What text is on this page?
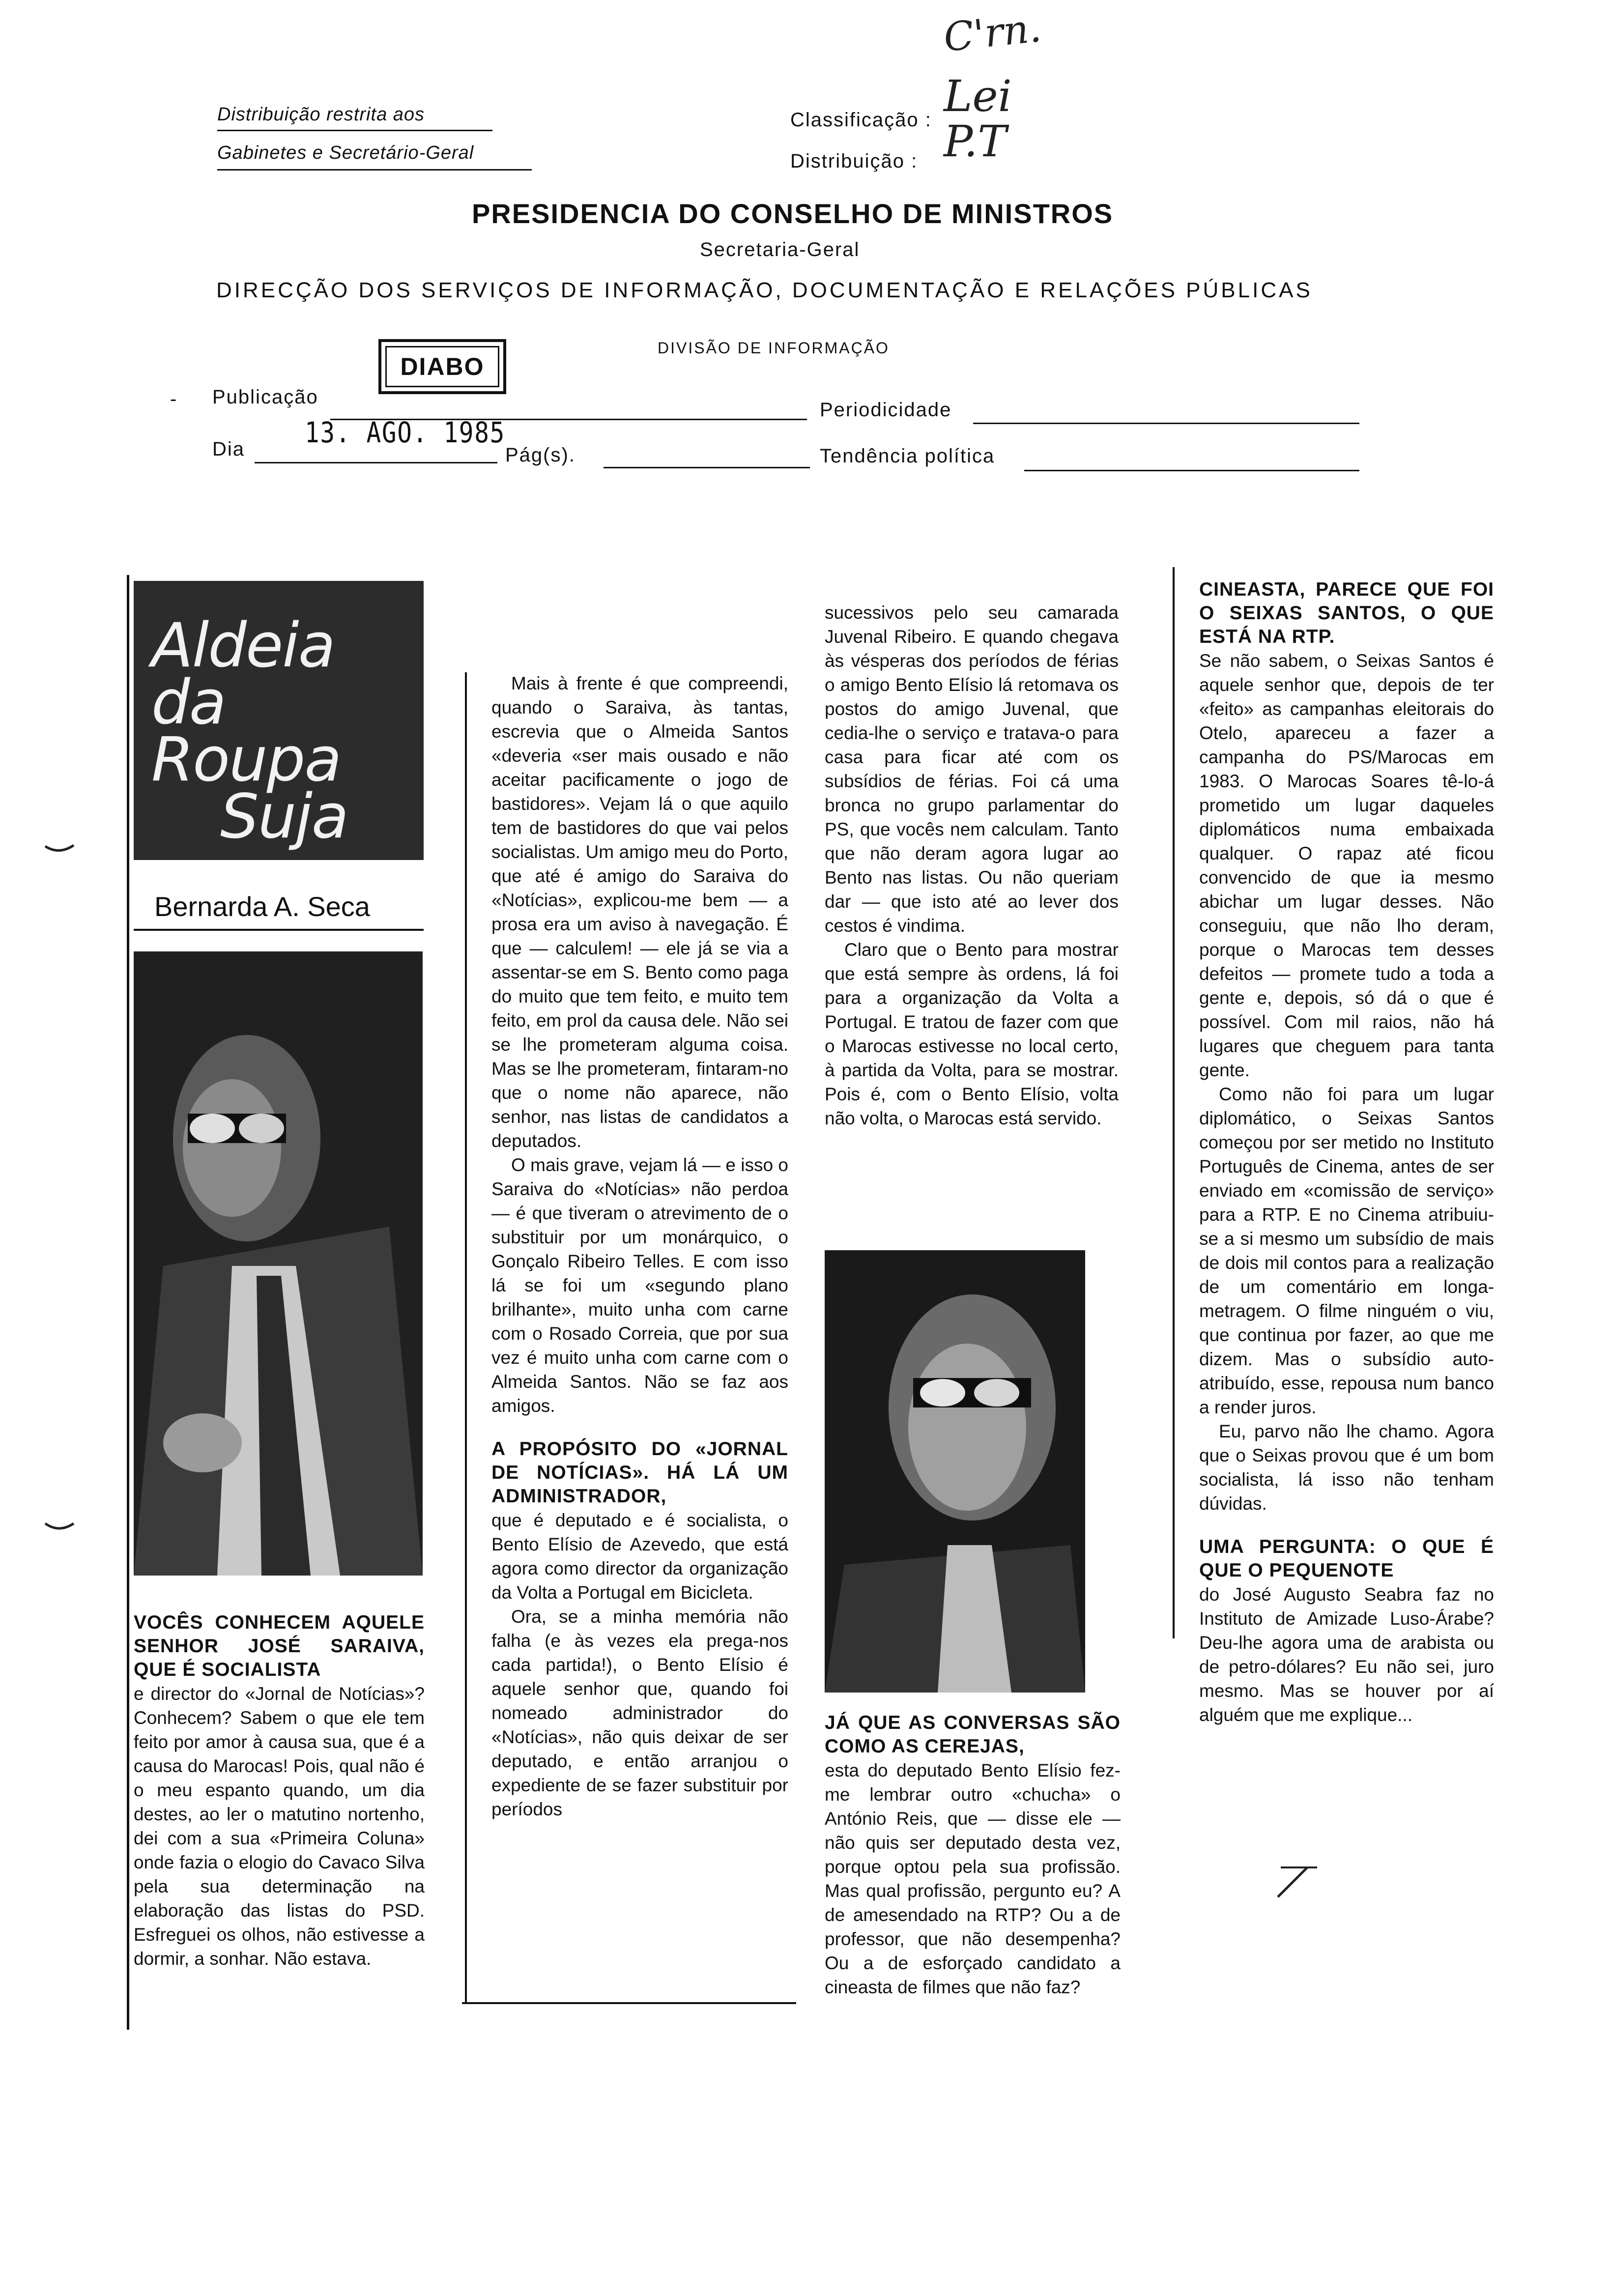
Distribuição restrita aos
Gabinetes e Secretário-Geral
Classificação :
Distribuição :
C'rn.
Lei P.T
PRESIDENCIA DO CONSELHO DE MINISTROS
Secretaria-Geral
DIRECÇÃO DOS SERVIÇOS DE INFORMAÇÃO, DOCUMENTAÇÃO E RELAÇÕES PÚBLICAS
DIVISÃO DE INFORMAÇÃO
DIABO
- Publicação
Periodicidade
13. AGO. 1985
Dia	Pág(s).	Tendência política
Aldeia
da Roupa
Suja
Bernarda A. Seca
VOCÊS CONHECEM AQUELE SENHOR JOSÉ SARAIVA, QUE É SOCIALISTA
e director do «Jornal de Notícias»? Conhecem? Sabem o que ele tem feito por amor à causa sua, que é a causa do Marocas! Pois, qual não é o meu espanto quando, um dia destes, ao ler o matutino nortenho, dei com a sua «Primeira Coluna» onde fazia o elogio do Cavaco Silva pela sua determinação na elaboração das listas do PSD. Esfreguei os olhos, não estivesse a dormir, a sonhar. Não estava.

Mais à frente é que compreendi, quando o Saraiva, às tantas, escrevia que o Almeida Santos «deveria «ser mais ousado e não aceitar pacificamente o jogo de bastidores». Vejam lá o que aquilo tem de bastidores do que vai pelos socialistas. Um amigo meu do Porto, que até é amigo do Saraiva do «Notícias», explicou-me bem — a prosa era um aviso à navegação. É que — calculem! — ele já se via a assentar-se em S. Bento como paga do muito que tem feito, e muito tem feito, em prol da causa dele. Não sei se lhe prometeram alguma coisa. Mas se lhe prometeram, fintaram-no que o nome não aparece, não senhor, nas listas de candidatos a deputados.

O mais grave, vejam lá — e isso o Saraiva do «Notícias» não perdoa — é que tiveram o atrevimento de o substituir por um monárquico, o Gonçalo Ribeiro Telles. E com isso lá se foi um «segundo plano brilhante», muito unha com carne com o Rosado Correia, que por sua vez é muito unha com carne com o Almeida Santos. Não se faz aos amigos.

A PROPÓSITO DO «JORNAL DE NOTÍCIAS». HÁ LÁ UM ADMINISTRADOR,
que é deputado e é socialista, o Bento Elísio de Azevedo, que está agora como director da organização da Volta a Portugal em Bicicleta.

Ora, se a minha memória não falha (e às vezes ela prega-nos cada partida!), o Bento Elísio é aquele senhor que, quando foi nomeado administrador do «Notícias», não quis deixar de ser deputado, e então arranjou o expediente de se fazer substituir por períodos

sucessivos pelo seu camarada Juvenal Ribeiro. E quando chegava às vésperas dos períodos de férias o amigo Bento Elísio lá retomava os postos do amigo Juvenal, que cedia-lhe o serviço e tratava-o para casa para ficar até com os subsídios de férias. Foi cá uma bronca no grupo parlamentar do PS, que vocês nem calculam. Tanto que não deram agora lugar ao Bento nas listas. Ou não queriam dar — que isto até ao lever dos cestos é vindima.

Claro que o Bento para mostrar que está sempre às ordens, lá foi para a organização da Volta a Portugal. E tratou de fazer com que o Marocas estivesse no local certo, à partida da Volta, para se mostrar. Pois é, com o Bento Elísio, volta não volta, o Marocas está servido.

JÁ QUE AS CONVERSAS SÃO COMO AS CEREJAS,
esta do deputado Bento Elísio fez-me lembrar outro «chucha» o António Reis, que — disse ele — não quis ser deputado desta vez, porque optou pela sua profissão. Mas qual profissão, pergunto eu? A de amesendado na RTP? Ou a de professor, que não desempenha? Ou a de esforçado candidato a cineasta de filmes que não faz?
CINEASTA, PARECE QUE FOI O SEIXAS SANTOS, O QUE ESTÁ NA RTP.
Se não sabem, o Seixas Santos é aquele senhor que, depois de ter «feito» as campanhas eleitorais do Otelo, apareceu a fazer a campanha do PS/Marocas em 1983. O Marocas Soares tê-lo-á prometido um lugar daqueles diplomáticos numa embaixada qualquer. O rapaz até ficou convencido de que ia mesmo abichar um lugar desses. Não conseguiu, que não lho deram, porque o Marocas tem desses defeitos — promete tudo a toda a gente e, depois, só dá o que é possível. Com mil raios, não há lugares que cheguem para tanta gente.

Como não foi para um lugar diplomático, o Seixas Santos começou por ser metido no Instituto Português de Cinema, antes de ser enviado em «comissão de serviço» para a RTP. E no Cinema atribuiu-se a si mesmo um subsídio de mais de dois mil contos para a realização de um comentário em longa-metragem. O filme ninguém o viu, que continua por fazer, ao que me dizem. Mas o subsídio auto-atribuído, esse, repousa num banco a render juros.

Eu, parvo não lhe chamo. Agora que o Seixas provou que é um bom socialista, lá isso não tenham dúvidas.

UMA PERGUNTA: O QUE É QUE O PEQUENOTE
do José Augusto Seabra faz no Instituto de Amizade Luso-Árabe? Deu-lhe agora uma de arabista ou de petro-dólares? Eu não sei, juro mesmo. Mas se houver por aí alguém que me explique...
